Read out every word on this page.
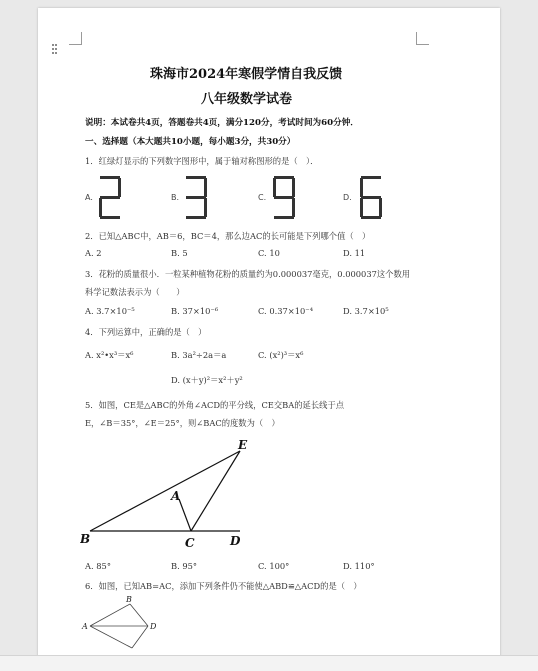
珠海市2024年寒假学情自我反馈
八年级数学试卷
说明：本试卷共4页，答题卷共4页，满分120分，考试时间为60分钟．
一、选择题（本大题共10小题，每小题3分，共30分）
1．红绿灯显示的下列数字图形中，属于轴对称图形的是（　）．
A.	B.	C.	D.
2．已知△ABC中，AB＝6，BC＝4，那么边AC的长可能是下列哪个值（　）
A. 2	B. 5	C. 10	D. 11
3．花粉的质量很小．一粒某种植物花粉的质量约为0.000037毫克，0.000037这个数用
科学记数法表示为（　　）
A. 3.7×10⁻⁵	B. 37×10⁻⁶	C. 0.37×10⁻⁴	D. 3.7×10⁵
4．下列运算中，正确的是（　）
A. x²•x³＝x⁶	B. 3a²÷2a＝a	C. (x²)³＝x⁶
D. (x＋y)²＝x²＋y²
5．如图，CE是△ABC的外角∠ACD的平分线，CE交BA的延长线于点
E，∠B＝35°，∠E＝25°，则∠BAC的度数为（　）
E
A
B	C	D
A. 85°	B. 95°	C. 100°	D. 110°
6．如图，已知AB=AC，添加下列条件仍不能使△ABD≌△ACD的是（　）
B
A	D
